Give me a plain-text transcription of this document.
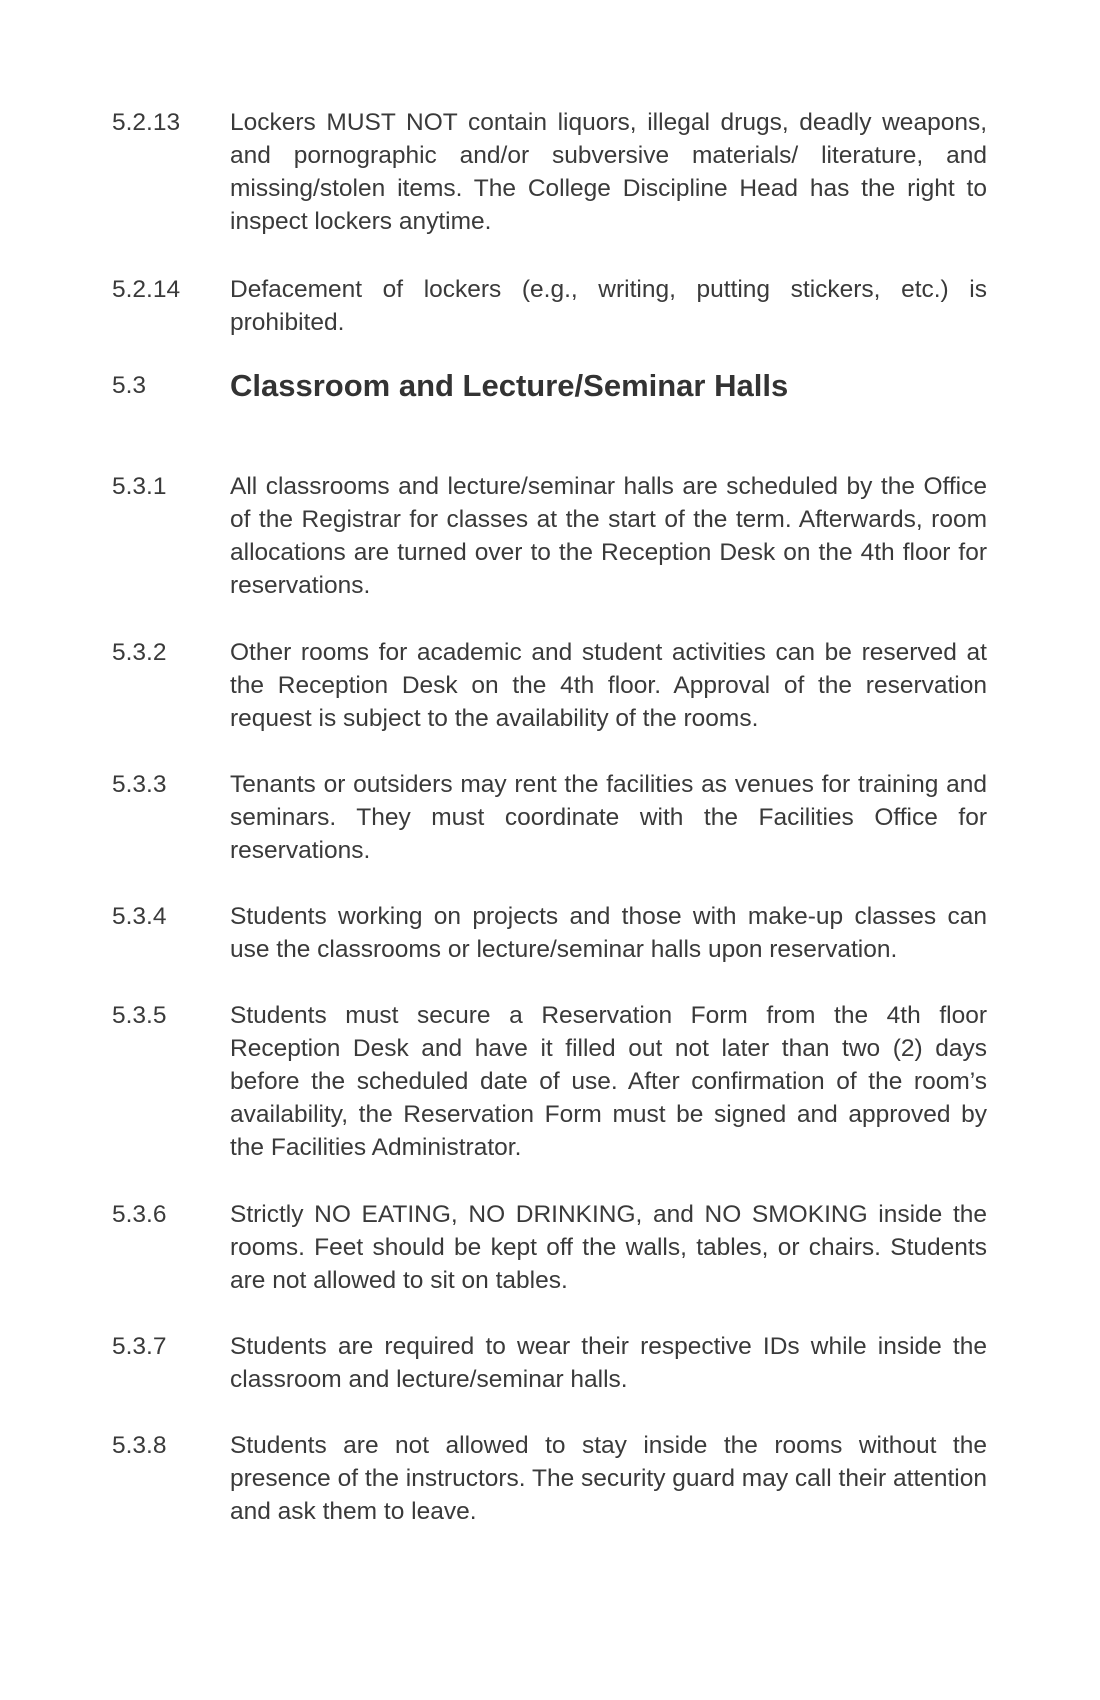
5.2.13	Lockers MUST NOT contain liquors, illegal drugs, deadly weapons, and pornographic and/or subversive materials/ literature, and missing/stolen items. The College Discipline Head has the right to inspect lockers anytime.
5.2.14	Defacement of lockers (e.g., writing, putting stickers, etc.) is prohibited.
5.3	Classroom and Lecture/Seminar Halls
5.3.1	All classrooms and lecture/seminar halls are scheduled by the Office of the Registrar for classes at the start of the term. Afterwards, room allocations are turned over to the Reception Desk on the 4th floor for reservations.
5.3.2	Other rooms for academic and student activities can be reserved at the Reception Desk on the 4th floor. Approval of the reservation request is subject to the availability of the rooms.
5.3.3	Tenants or outsiders may rent the facilities as venues for training and seminars. They must coordinate with the Facilities Office for reservations.
5.3.4	Students working on projects and those with make-up classes can use the classrooms or lecture/seminar halls upon reservation.
5.3.5	Students must secure a Reservation Form from the 4th floor Reception Desk and have it filled out not later than two (2) days before the scheduled date of use. After confirmation of the room’s availability, the Reservation Form must be signed and approved by the Facilities Administrator.
5.3.6	Strictly NO EATING, NO DRINKING, and NO SMOKING inside the rooms. Feet should be kept off the walls, tables, or chairs. Students are not allowed to sit on tables.
5.3.7	Students are required to wear their respective IDs while inside the classroom and lecture/seminar halls.
5.3.8	Students are not allowed to stay inside the rooms without the presence of the instructors. The security guard may call their attention and ask them to leave.
